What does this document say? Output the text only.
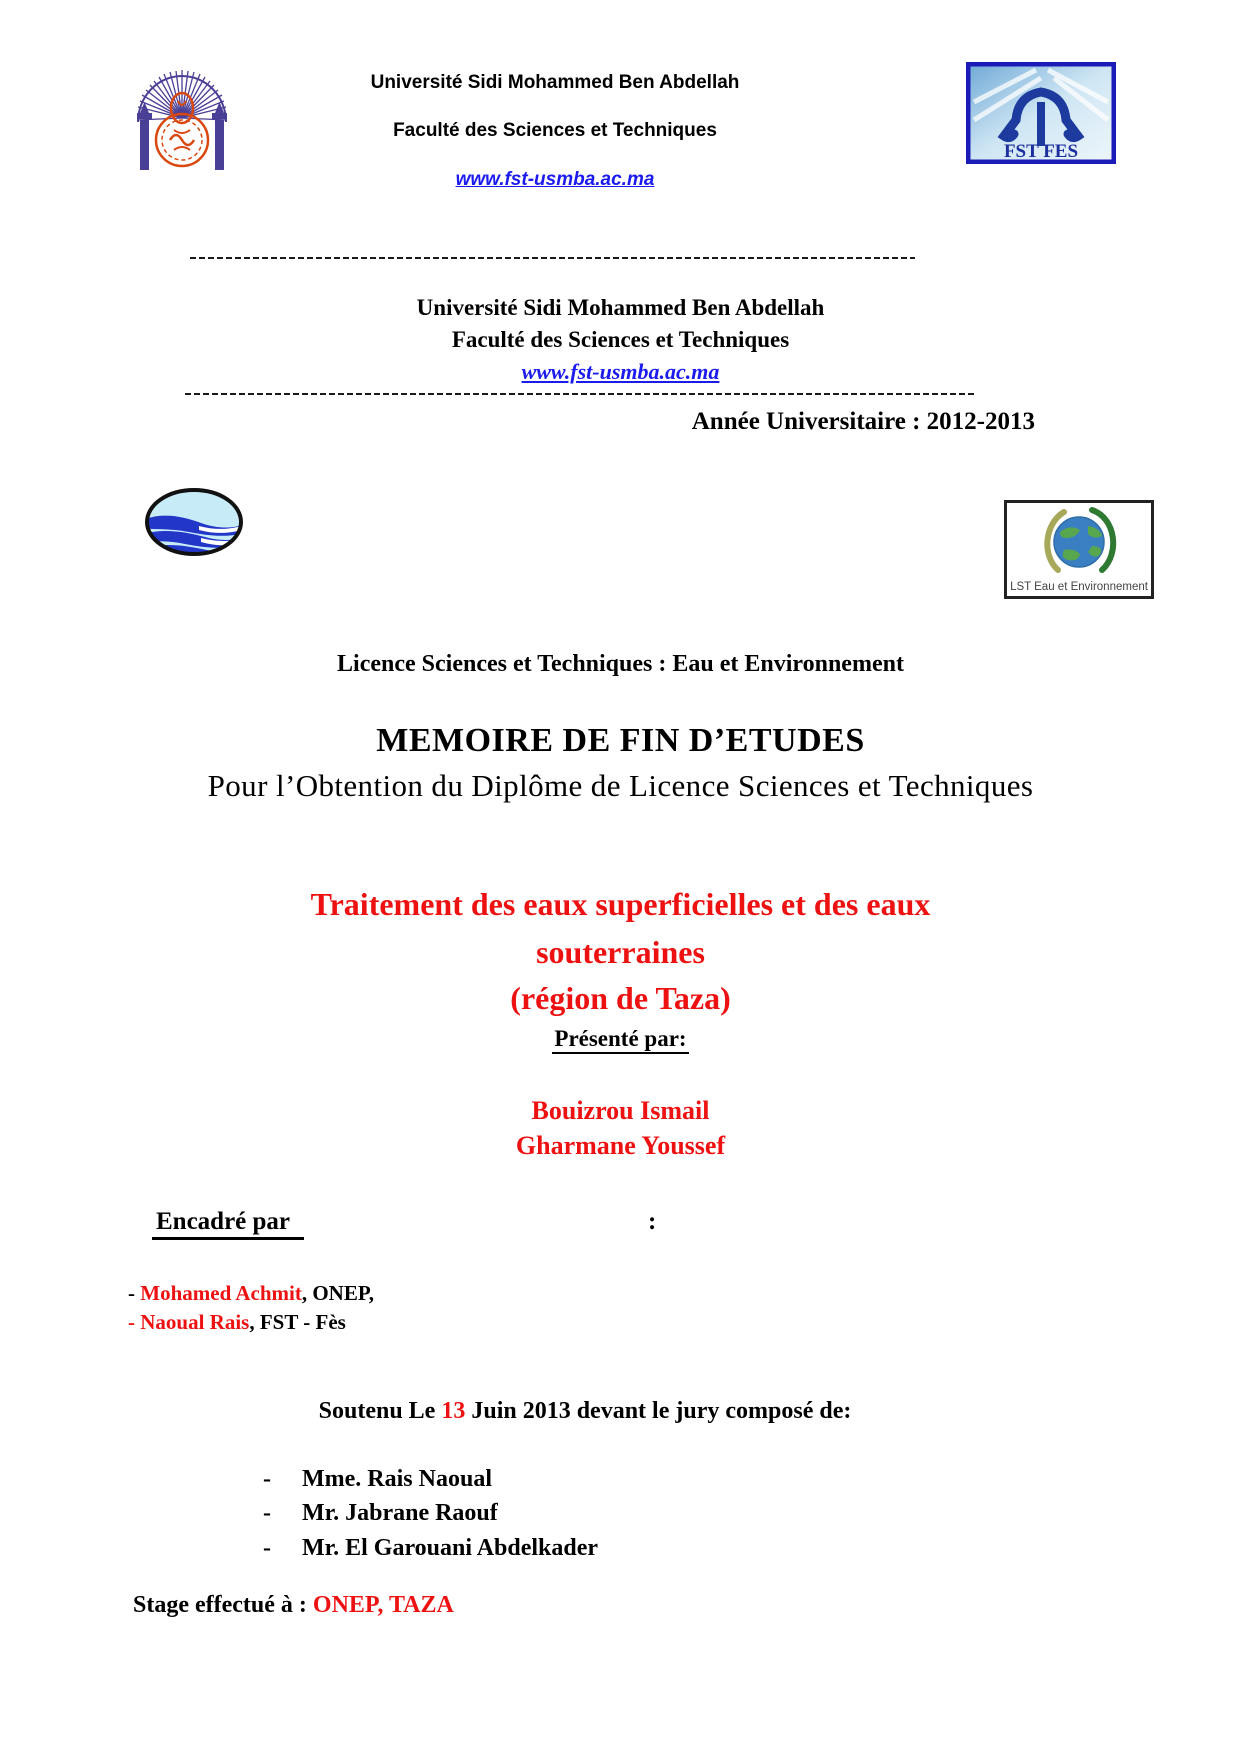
Université Sidi Mohammed Ben Abdellah
Faculté des Sciences et Techniques
www.fst-usmba.ac.ma
FST FES
Université Sidi Mohammed Ben Abdellah
Faculté des Sciences et Techniques
www.fst-usmba.ac.ma
Année Universitaire : 2012-2013
LST Eau et Environnement
Licence Sciences et Techniques : Eau et Environnement
MEMOIRE DE FIN D’ETUDES
Pour l’Obtention du Diplôme de Licence Sciences et Techniques
Traitement des eaux superficielles et des eaux
souterraines
(région de Taza)
Présenté par:
Bouizrou Ismail
Gharmane Youssef
Encadré par	:
- Mohamed Achmit, ONEP,
- Naoual Rais, FST - Fès
Soutenu Le 13 Juin 2013 devant le jury composé de:
- Mme. Rais Naoual
- Mr. Jabrane Raouf
- Mr. El Garouani Abdelkader
Stage effectué à : ONEP, TAZA
